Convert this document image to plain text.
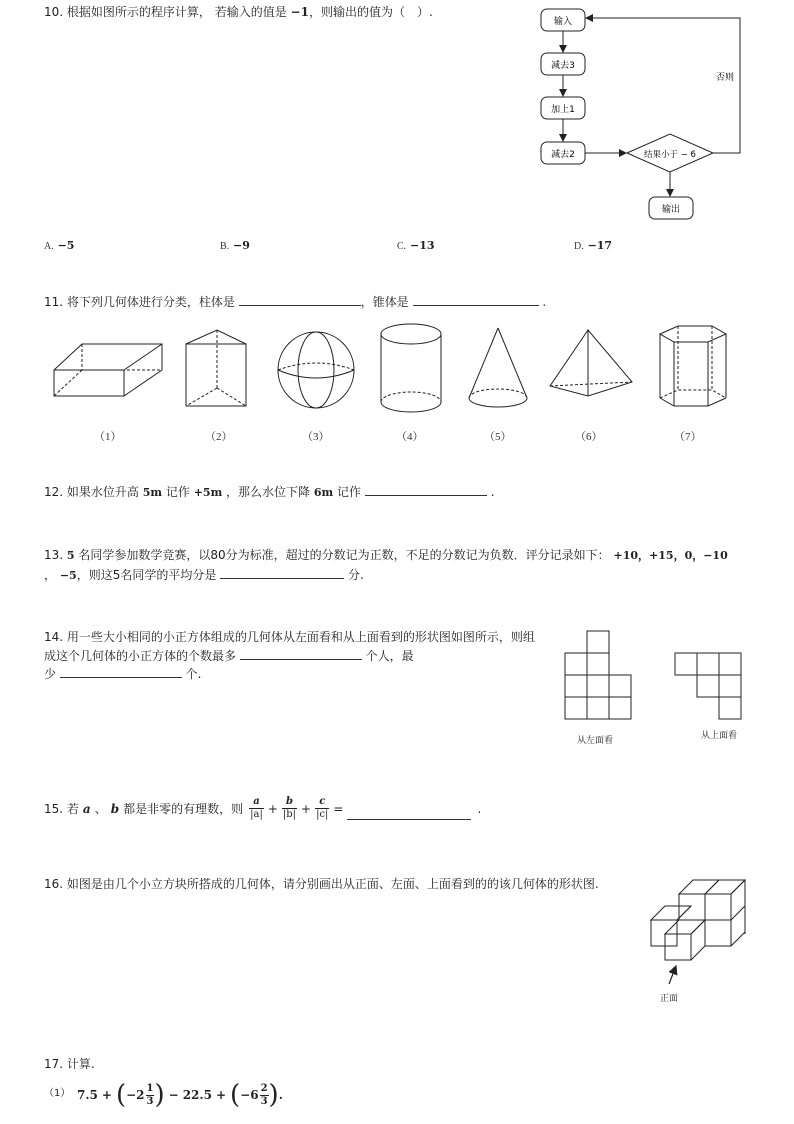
10. 根据如图所示的程序计算， 若输入的值是 −1，则输出的值为（　）.
输入
减去3
加上1
减去2	结果小于 − 6
否则
输出
A. −5	B. −9	C. −13	D. −17
11. 将下列几何体进行分类，柱体是	，锥体是	.
（1）	（2）	（3）	（4）	（5）	（6）	（7）
12. 如果水位升高 5m 记作 +5m ，那么水位下降 6m 记作	.
13. 5 名同学参加数学竞赛，以80分为标准，超过的分数记为正数，不足的分数记为负数．评分记录如下： +10，+15，0，−10
， −5，则这5名同学的平均分是	分.
14. 用一些大小相同的小正方体组成的几何体从左面看和从上面看到的形状图如图所示，则组
成这个几何体的小正方体的个数最多	个人，最
少	个.
从左面看	从上面看
15. 若 a 、 b 都是非零的有理数，则 $\frac{a}{|a|} + \frac{b}{|b|} + \frac{c}{|c|}$ =	.
16. 如图是由几个小立方块所搭成的几何体，请分别画出从正面、左面、上面看到的的该几何体的形状图.
正面
17. 计算.
（1） 7.5 + ( $-2 \frac{1}{3}$ ) − 22.5 + ( $-6 \frac{2}{3}$ ) .
